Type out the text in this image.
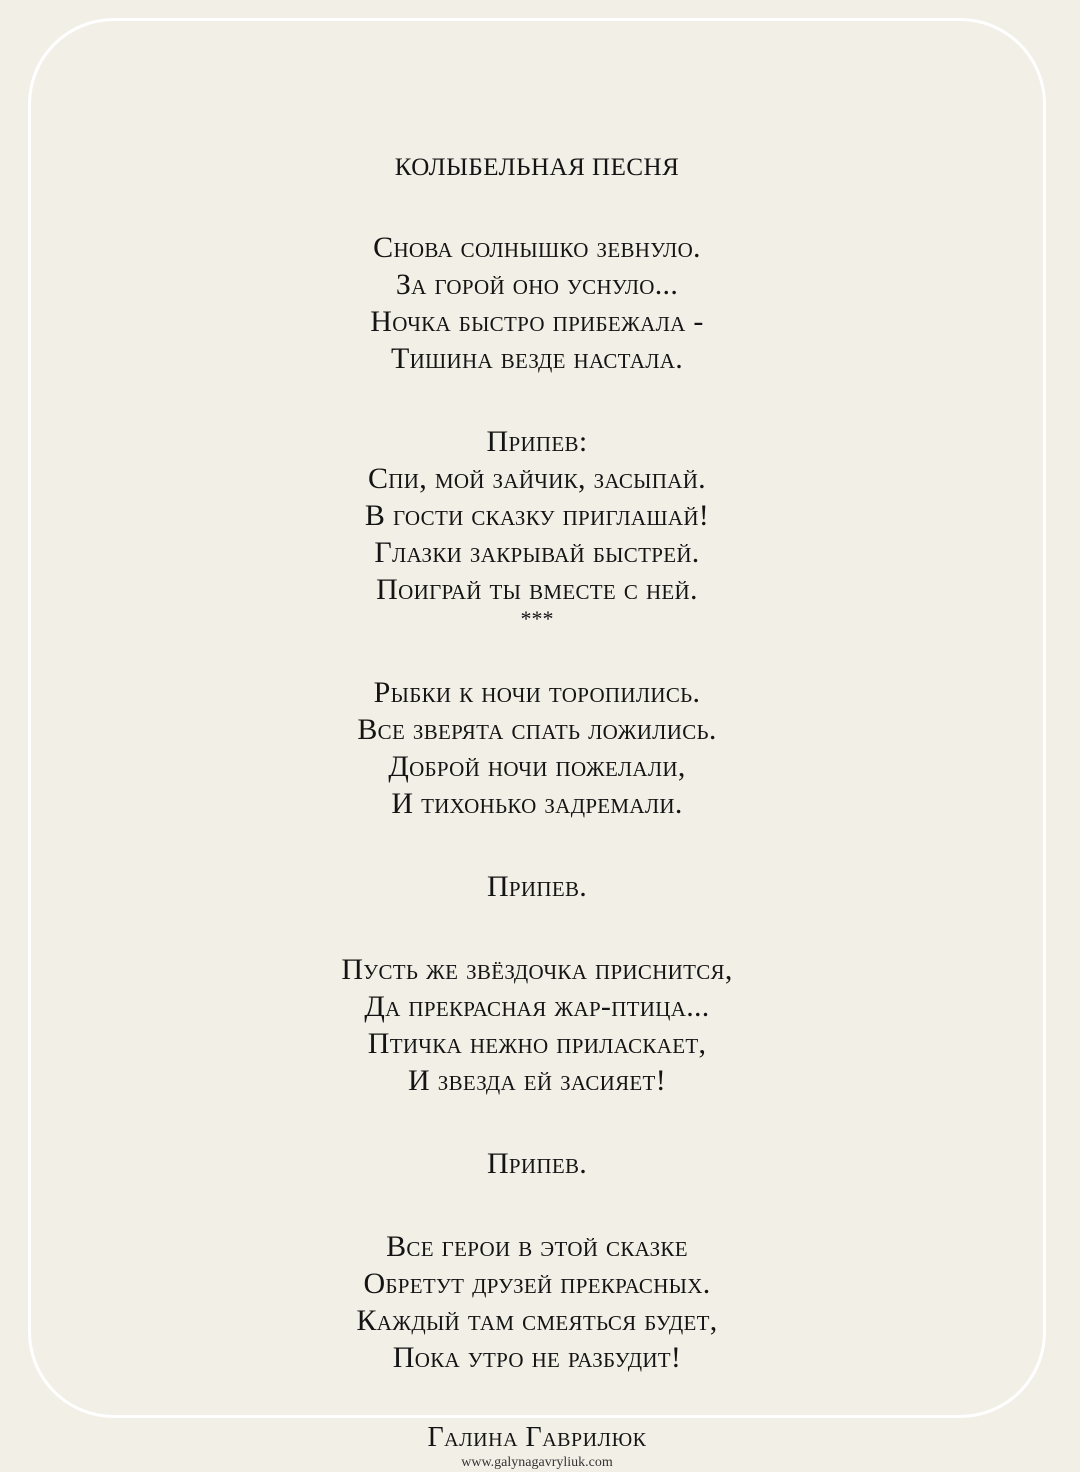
КОЛЫБЕЛЬНАЯ ПЕСНЯ
Снова солнышко зевнуло.
За горой оно уснуло...
Ночка быстро прибежала -
Тишина везде настала.
Припев:
Спи, мой зайчик, засыпай.
В гости сказку приглашай!
Глазки закрывай быстрей.
Поиграй ты вместе с ней.
***
Рыбки к ночи торопились.
Все зверята спать ложились.
Доброй ночи пожелали,
И тихонько задремали.
Припев.
Пусть же звёздочка приснится,
Да прекрасная жар-птица...
Птичка нежно приласкает,
И звезда ей засияет!
Припев.
Все герои в этой сказке
Обретут друзей прекрасных.
Каждый там смеяться будет,
Пока утро не разбудит!
Галина Гаврилюк
www.galynagavryliuk.com
